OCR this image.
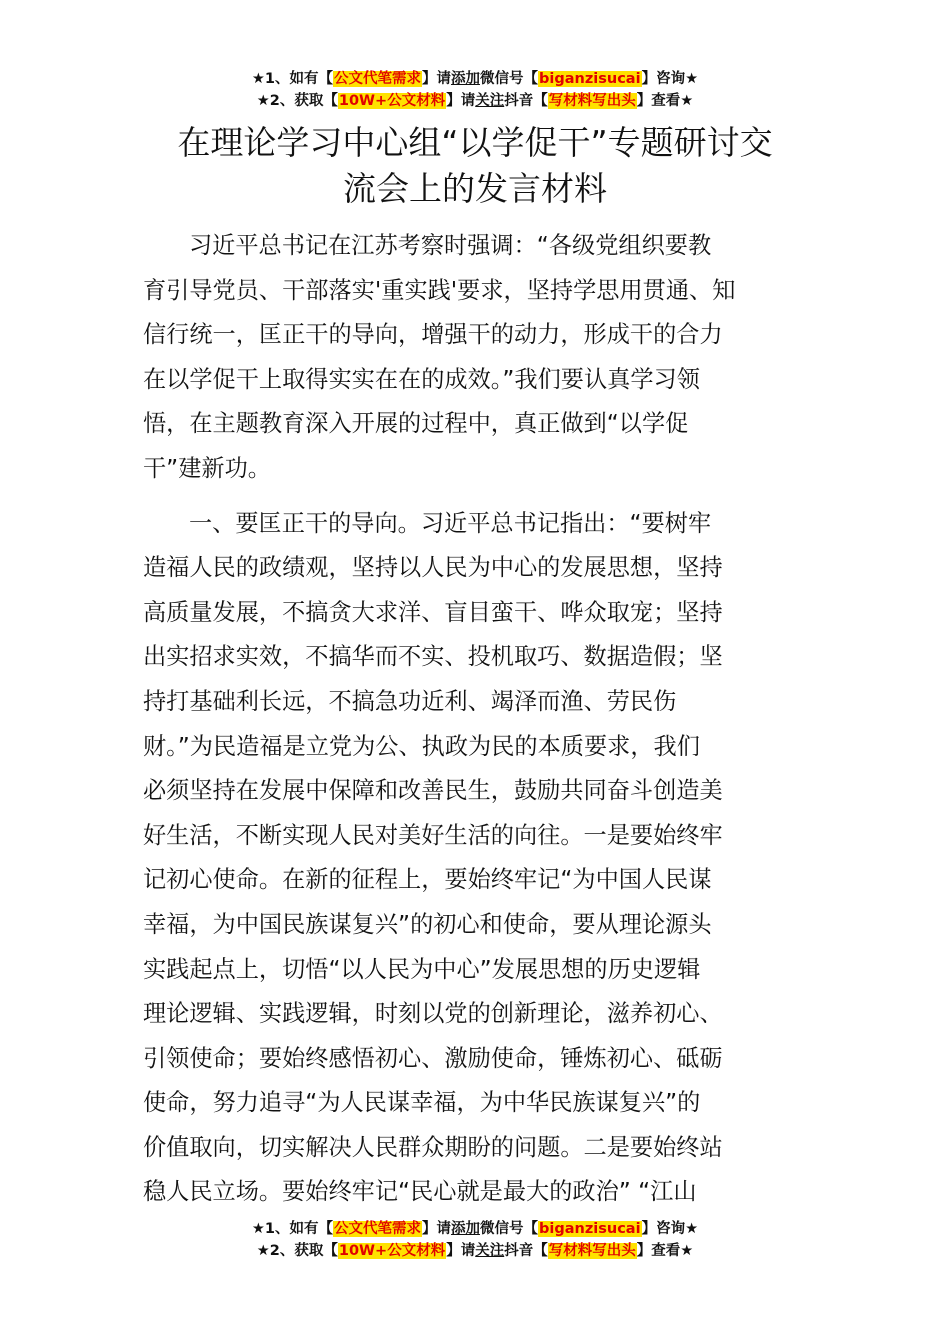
★1、如有【公文代笔需求】请添加微信号【biganzisucai】咨询★
★2、获取【10W+公文材料】请关注抖音【写材料写出头】查看★
在理论学习中心组“以学促干”专题研讨交
流会上的发言材料
习近平总书记在江苏考察时强调：“各级党组织要教
育引导党员、干部落实'重实践'要求，坚持学思用贯通、知
信行统一，匡正干的导向，增强干的动力，形成干的合力
在以学促干上取得实实在在的成效。”我们要认真学习领
悟，在主题教育深入开展的过程中，真正做到“以学促
干”建新功。
一、要匡正干的导向。习近平总书记指出：“要树牢
造福人民的政绩观，坚持以人民为中心的发展思想，坚持
高质量发展，不搞贪大求洋、盲目蛮干、哗众取宠；坚持
出实招求实效，不搞华而不实、投机取巧、数据造假；坚
持打基础利长远，不搞急功近利、竭泽而渔、劳民伤
财。”为民造福是立党为公、执政为民的本质要求，我们
必须坚持在发展中保障和改善民生，鼓励共同奋斗创造美
好生活，不断实现人民对美好生活的向往。一是要始终牢
记初心使命。在新的征程上，要始终牢记“为中国人民谋
幸福，为中国民族谋复兴”的初心和使命，要从理论源头
实践起点上，切悟“以人民为中心”发展思想的历史逻辑
理论逻辑、实践逻辑，时刻以党的创新理论，滋养初心、
引领使命；要始终感悟初心、激励使命，锤炼初心、砥砺
使命，努力追寻“为人民谋幸福，为中华民族谋复兴”的
价值取向，切实解决人民群众期盼的问题。二是要始终站
稳人民立场。要始终牢记“民心就是最大的政治” “江山
★1、如有【公文代笔需求】请添加微信号【biganzisucai】咨询★
★2、获取【10W+公文材料】请关注抖音【写材料写出头】查看★
